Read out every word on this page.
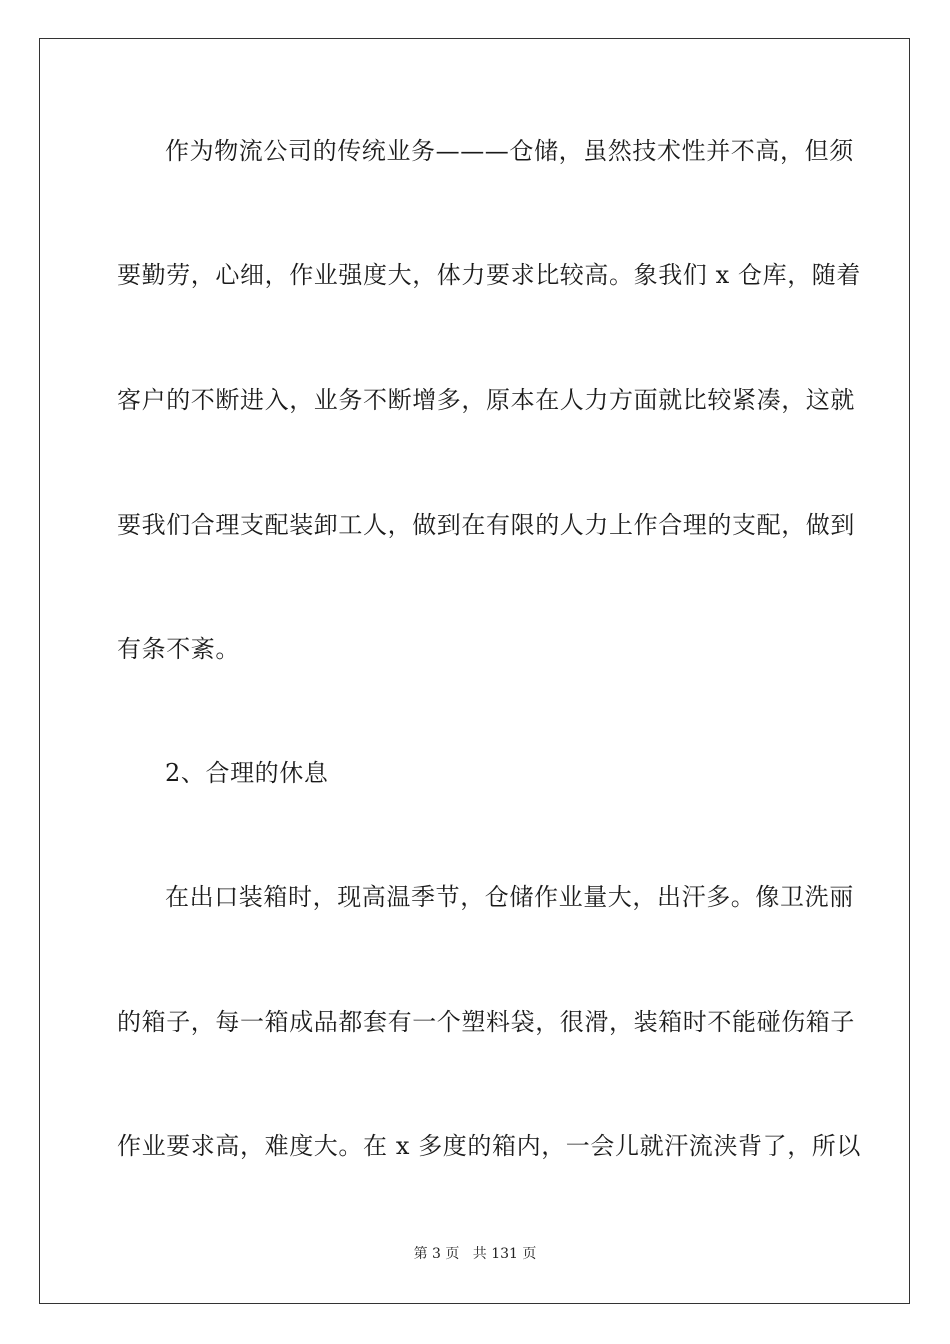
作为物流公司的传统业务———仓储，虽然技术性并不高，但须
要勤劳，心细，作业强度大，体力要求比较高。象我们 x 仓库，随着
客户的不断进入，业务不断增多，原本在人力方面就比较紧凑，这就
要我们合理支配装卸工人，做到在有限的人力上作合理的支配，做到
有条不紊。
2、合理的休息
在出口装箱时，现高温季节，仓储作业量大，出汗多。像卫洗丽
的箱子，每一箱成品都套有一个塑料袋，很滑，装箱时不能碰伤箱子
作业要求高，难度大。在 x 多度的箱内，一会儿就汗流浃背了，所以
第 3 页 共 131 页
